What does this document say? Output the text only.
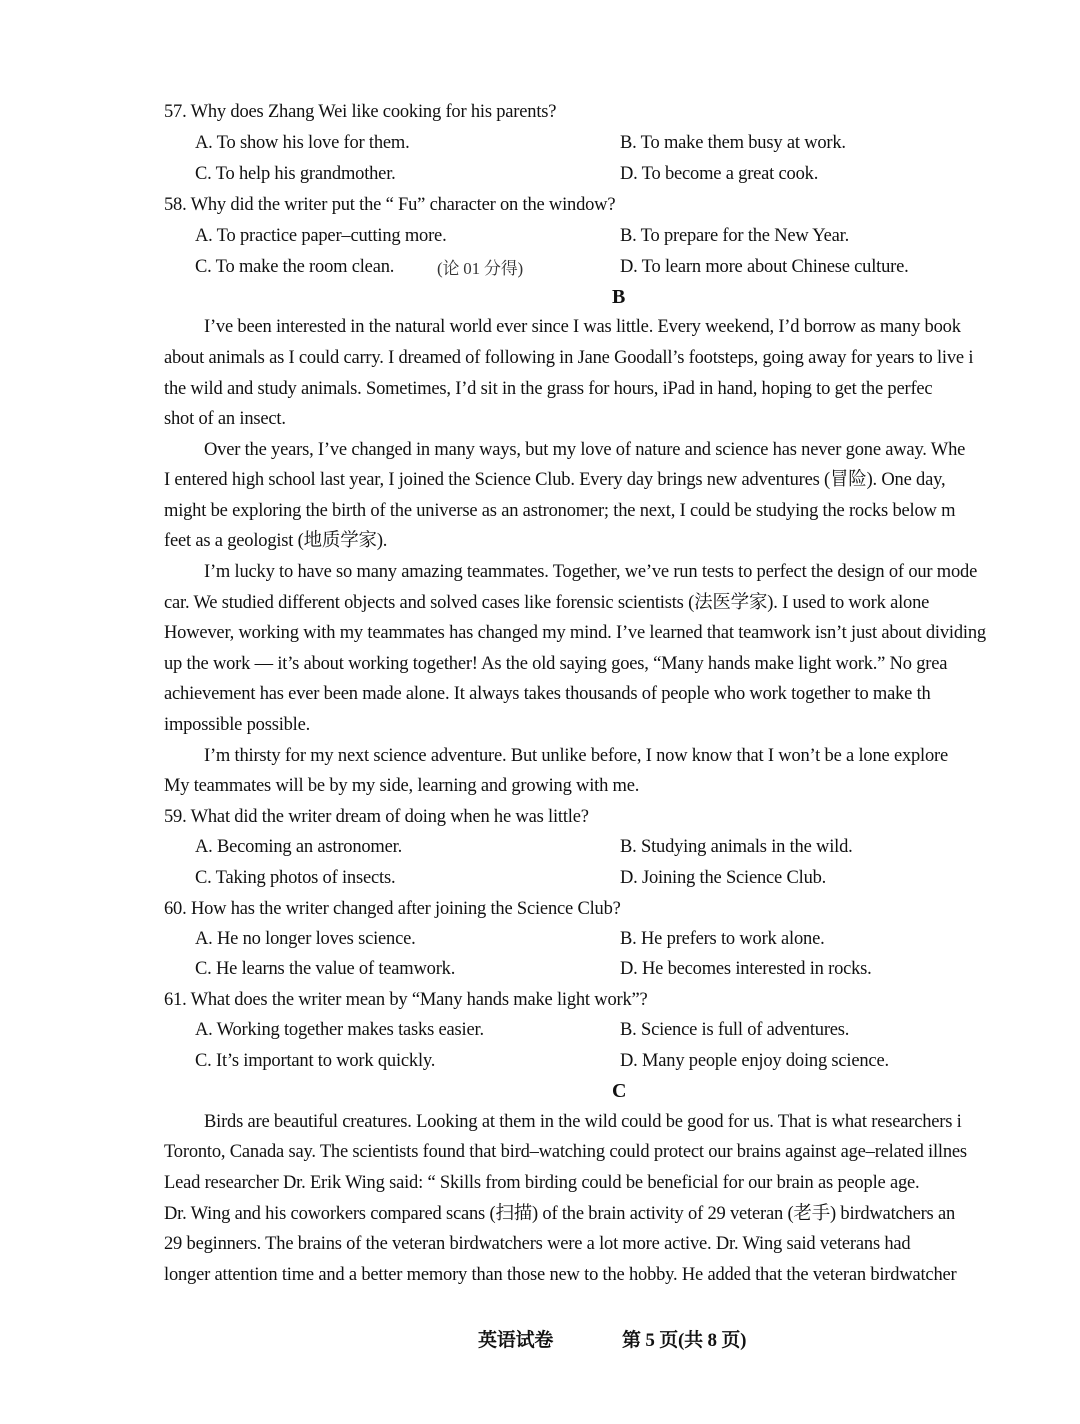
57. Why does Zhang Wei like cooking for his parents?
A. To show his love for them.	B. To make them busy at work.
C. To help his grandmother.	D. To become a great cook.
58. Why did the writer put the “ Fu” character on the window?
A. To practice paper–cutting more.	B. To prepare for the New Year.
C. To make the room clean.	(论 01 分得)	D. To learn more about Chinese culture.
B
I’ve been interested in the natural world ever since I was little. Every weekend, I’d borrow as many book
about animals as I could carry. I dreamed of following in Jane Goodall’s footsteps, going away for years to live i
the wild and study animals. Sometimes, I’d sit in the grass for hours, iPad in hand, hoping to get the perfec
shot of an insect.
Over the years, I’ve changed in many ways, but my love of nature and science has never gone away. Whe
I entered high school last year, I joined the Science Club. Every day brings new adventures (冒险). One day,
might be exploring the birth of the universe as an astronomer; the next, I could be studying the rocks below m
feet as a geologist (地质学家).
I’m lucky to have so many amazing teammates. Together, we’ve run tests to perfect the design of our mode
car. We studied different objects and solved cases like forensic scientists (法医学家). I used to work alone
However, working with my teammates has changed my mind. I’ve learned that teamwork isn’t just about dividing
up the work — it’s about working together! As the old saying goes, “Many hands make light work.” No grea
achievement has ever been made alone. It always takes thousands of people who work together to make th
impossible possible.
I’m thirsty for my next science adventure. But unlike before, I now know that I won’t be a lone explore
My teammates will be by my side, learning and growing with me.
59. What did the writer dream of doing when he was little?
A. Becoming an astronomer.	B. Studying animals in the wild.
C. Taking photos of insects.	D. Joining the Science Club.
60. How has the writer changed after joining the Science Club?
A. He no longer loves science.	B. He prefers to work alone.
C. He learns the value of teamwork.	D. He becomes interested in rocks.
61. What does the writer mean by “Many hands make light work”?
A. Working together makes tasks easier.	B. Science is full of adventures.
C. It’s important to work quickly.	D. Many people enjoy doing science.
C
Birds are beautiful creatures. Looking at them in the wild could be good for us. That is what researchers i
Toronto, Canada say. The scientists found that bird–watching could protect our brains against age–related illnes
Lead researcher Dr. Erik Wing said: “ Skills from birding could be beneficial for our brain as people age.
Dr. Wing and his coworkers compared scans (扫描) of the brain activity of 29 veteran (老手) birdwatchers an
29 beginners. The brains of the veteran birdwatchers were a lot more active. Dr. Wing said veterans had
longer attention time and a better memory than those new to the hobby. He added that the veteran birdwatcher
英语试卷	第 5 页(共 8 页)
